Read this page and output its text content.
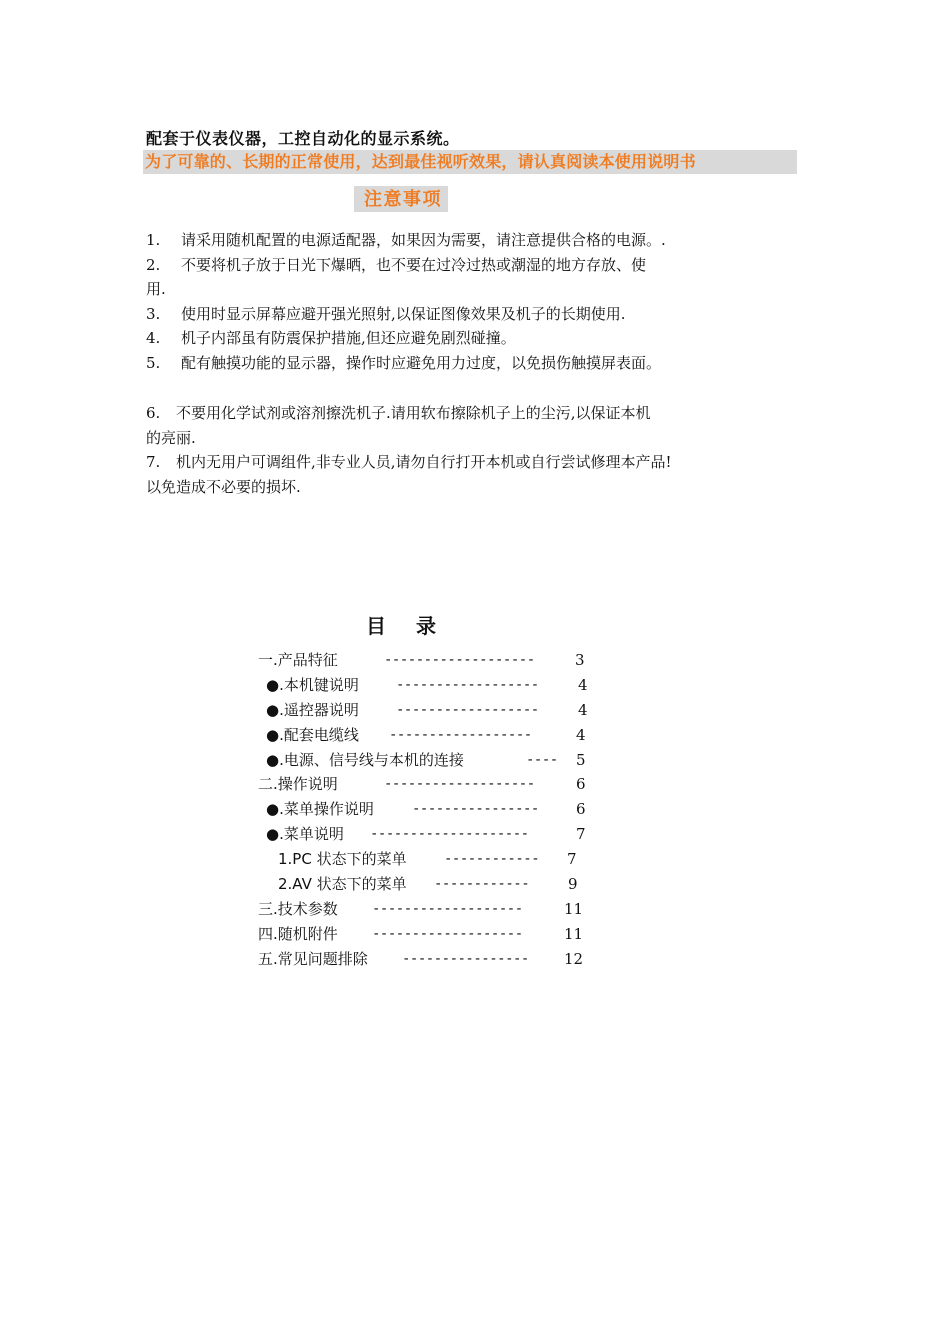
配套于仪表仪器，工控自动化的显示系统。
为了可靠的、长期的正常使用，达到最佳视听效果，请认真阅读本使用说明书
注意事项
1. 请采用随机配置的电源适配器，如果因为需要，请注意提供合格的电源。.
2. 不要将机子放于日光下爆晒，也不要在过冷过热或潮湿的地方存放、使
用.
3. 使用时显示屏幕应避开强光照射,以保证图像效果及机子的长期使用.
4. 机子内部虽有防震保护措施,但还应避免剧烈碰撞。
5. 配有触摸功能的显示器，操作时应避免用力过度，以免损伤触摸屏表面。
6. 不要用化学试剂或溶剂擦洗机子.请用软布擦除机子上的尘污,以保证本机
的亮丽.
7. 机内无用户可调组件,非专业人员,请勿自行打开本机或自行尝试修理本产品!
以免造成不必要的损坏.
目录
一.产品特征	-------------------	3
●.本机键说明	------------------	4
●.遥控器说明	------------------	4
●.配套电缆线 ------------------	4
●.电源、信号线与本机的连接	---- 5
二.操作说明	-------------------	6
●.菜单操作说明	---------------- 6
●.菜单说明 --------------------	7
1.PC 状态下的菜单	------------ 7
2.AV 状态下的菜单 ------------	9
三.技术参数 -------------------	11
四.随机附件 -------------------	11
五.常见问题排除 ---------------- 12
